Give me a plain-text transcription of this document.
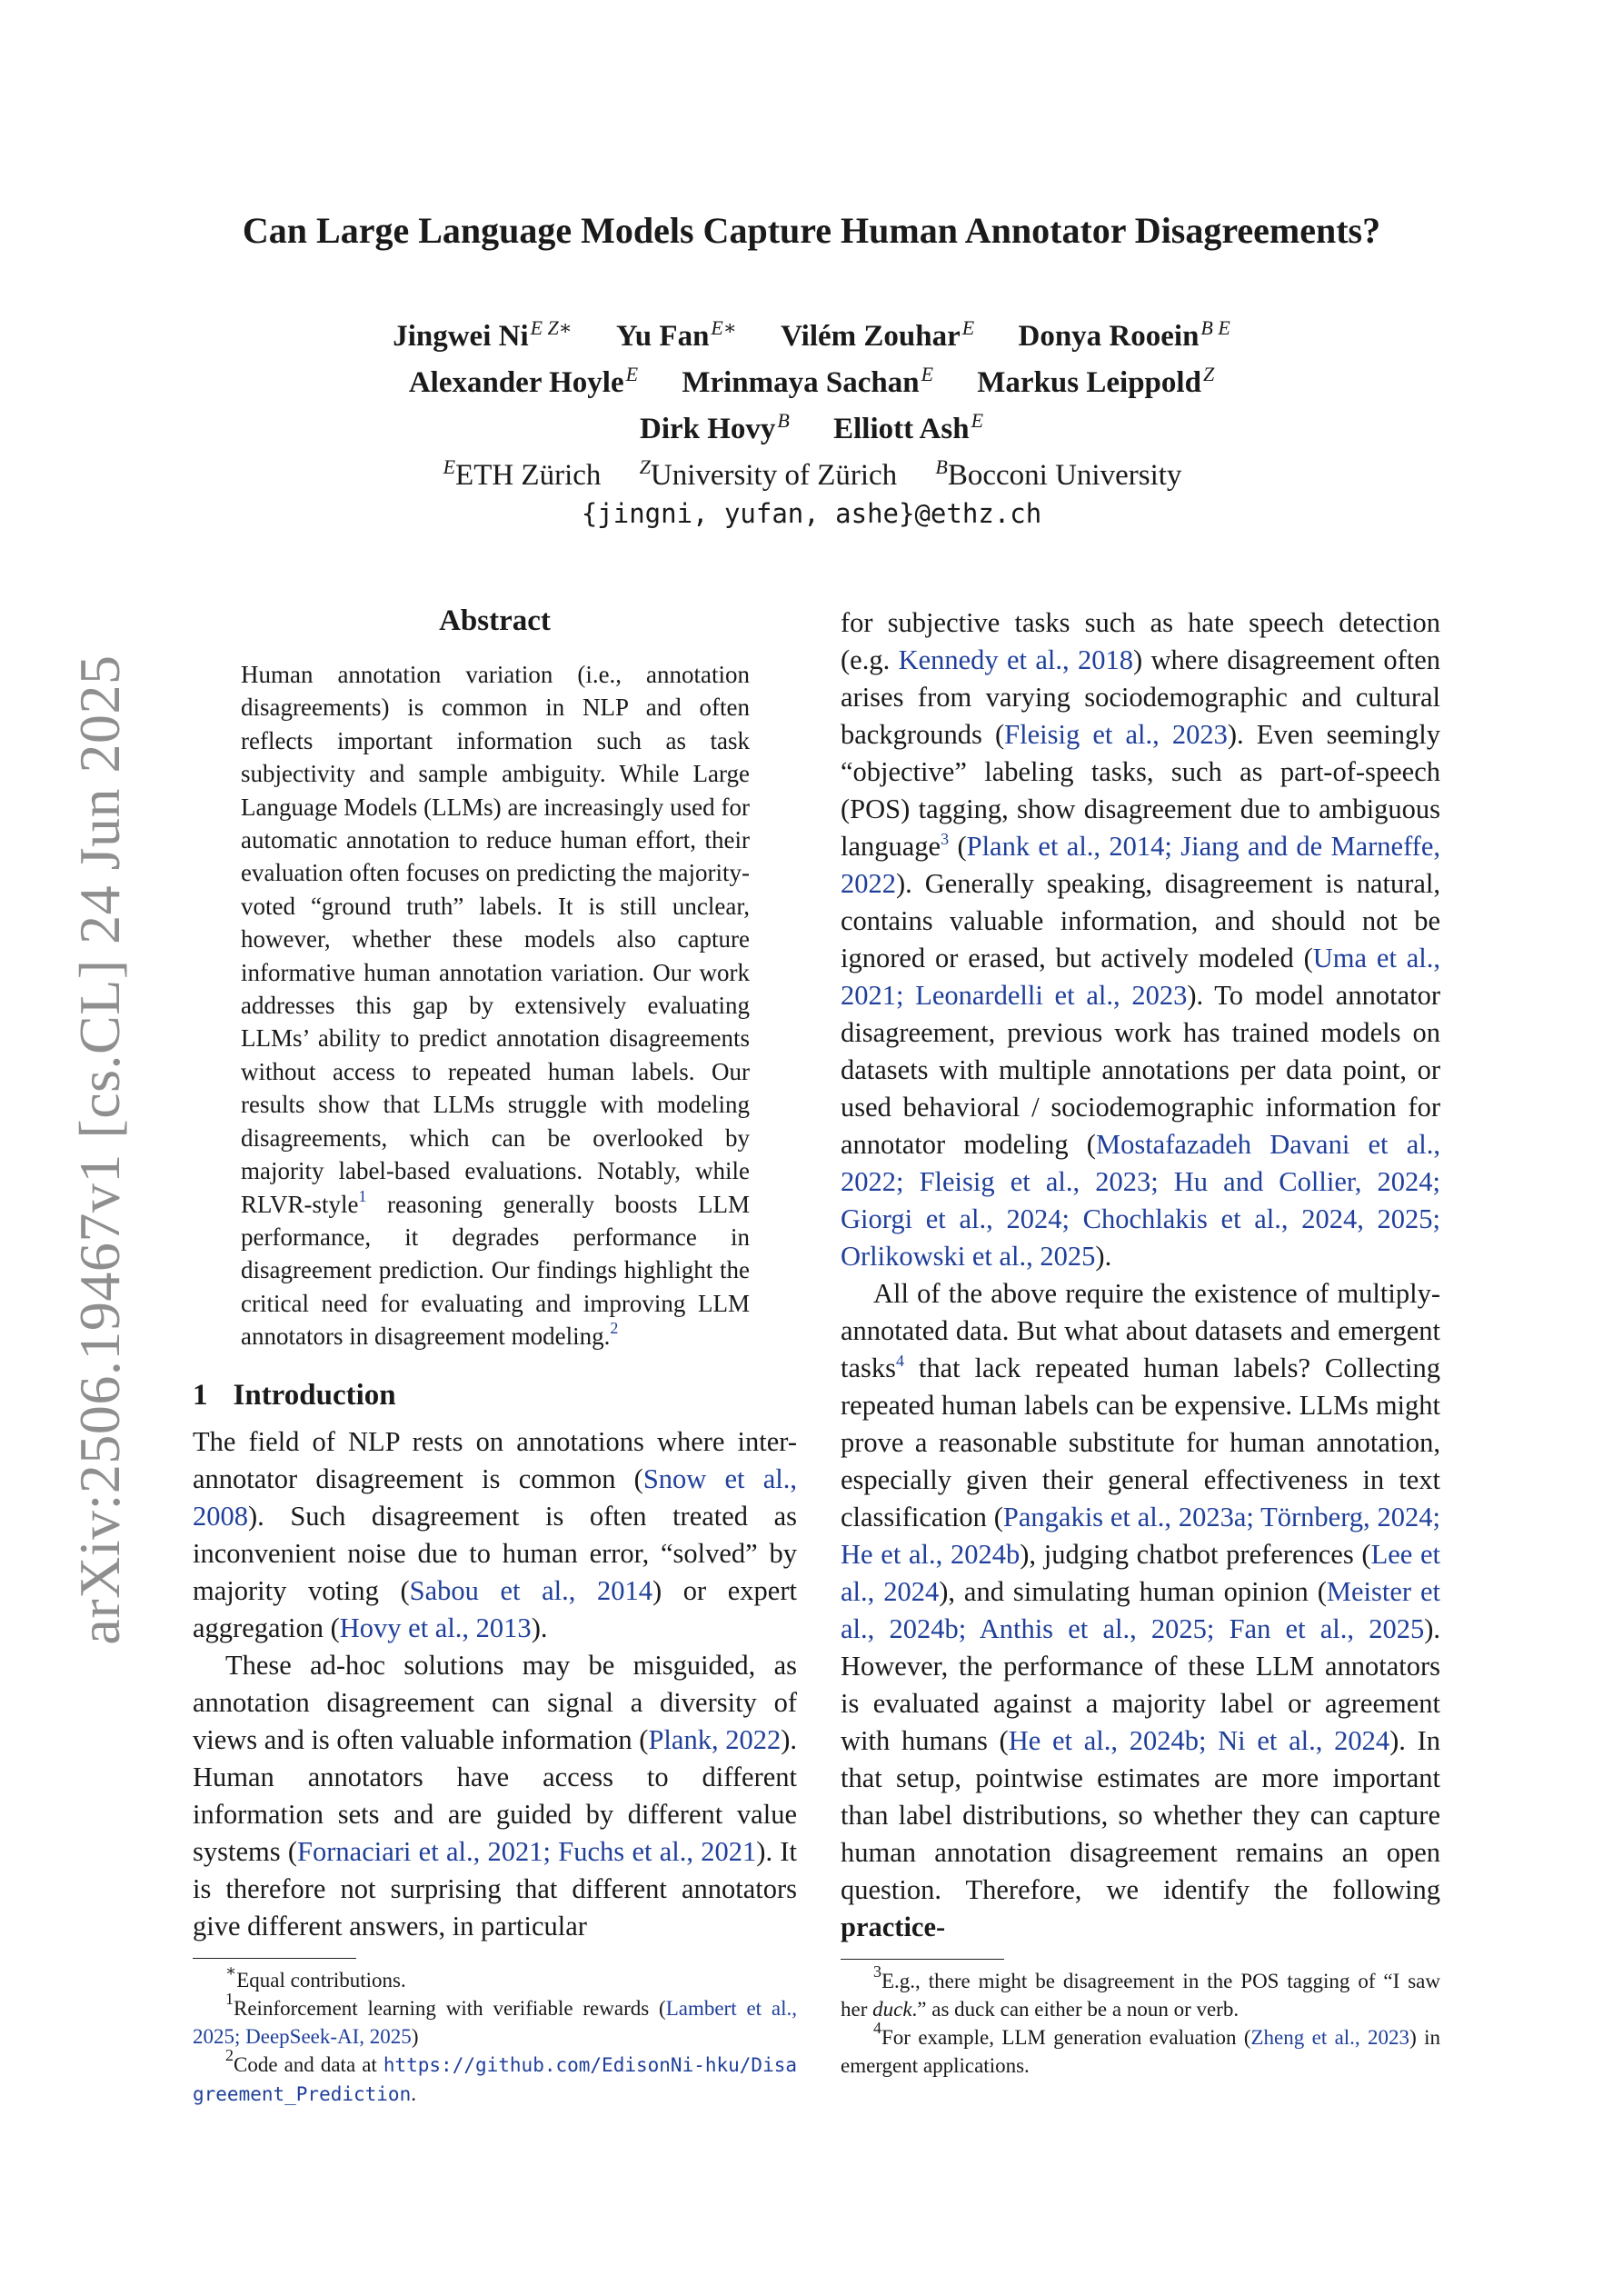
arXiv:2506.19467v1 [cs.CL] 24 Jun 2025
Can Large Language Models Capture Human Annotator Disagreements?
Jingwei Ni$^{E Z∗}$ Yu Fan$^{E∗}$ Vilém Zouhar$^E$ Donya Rooein$^{B E}$
Alexander Hoyle$^E$ Mrinmaya Sachan$^E$ Markus Leippold$^Z$
Dirk Hovy$^B$ Elliott Ash$^E$
$^E$ETH Zürich $^Z$University of Zürich $^B$Bocconi University
{jingni, yufan, ashe}@ethz.ch
Abstract

Human annotation variation (i.e., annotation disagreements) is common in NLP and often reflects important information such as task subjectivity and sample ambiguity. While Large Language Models (LLMs) are increasingly used for automatic annotation to reduce human effort, their evaluation often focuses on predicting the majority-voted “ground truth” labels. It is still unclear, however, whether these models also capture informative human annotation variation. Our work addresses this gap by extensively evaluating LLMs’ ability to predict annotation disagreements without access to repeated human labels. Our results show that LLMs struggle with modeling disagreements, which can be overlooked by majority label-based evaluations. Notably, while RLVR-style$^1$ reasoning generally boosts LLM performance, it degrades performance in disagreement prediction. Our findings highlight the critical need for evaluating and improving LLM annotators in disagreement modeling.$^2$

1 Introduction

The field of NLP rests on annotations where inter-annotator disagreement is common (Snow et al., 2008). Such disagreement is often treated as inconvenient noise due to human error, “solved” by majority voting (Sabou et al., 2014) or expert aggregation (Hovy et al., 2013).

These ad-hoc solutions may be misguided, as annotation disagreement can signal a diversity of views and is often valuable information (Plank, 2022). Human annotators have access to different information sets and are guided by different value systems (Fornaciari et al., 2021; Fuchs et al., 2021). It is therefore not surprising that different annotators give different answers, in particular

∗Equal contributions.

$^1$Reinforcement learning with verifiable rewards (Lambert et al., 2025; DeepSeek-AI, 2025)

$^2$Code and data at https://github.com/EdisonNi-hku/Disagreement_Prediction.

for subjective tasks such as hate speech detection (e.g. Kennedy et al., 2018) where disagreement often arises from varying sociodemographic and cultural backgrounds (Fleisig et al., 2023). Even seemingly “objective” labeling tasks, such as part-of-speech (POS) tagging, show disagreement due to ambiguous language$^3$ (Plank et al., 2014; Jiang and de Marneffe, 2022). Generally speaking, disagreement is natural, contains valuable information, and should not be ignored or erased, but actively modeled (Uma et al., 2021; Leonardelli et al., 2023). To model annotator disagreement, previous work has trained models on datasets with multiple annotations per data point, or used behavioral / sociodemographic information for annotator modeling (Mostafazadeh Davani et al., 2022; Fleisig et al., 2023; Hu and Collier, 2024; Giorgi et al., 2024; Chochlakis et al., 2024, 2025; Orlikowski et al., 2025).

All of the above require the existence of multiply-annotated data. But what about datasets and emergent tasks$^4$ that lack repeated human labels? Collecting repeated human labels can be expensive. LLMs might prove a reasonable substitute for human annotation, especially given their general effectiveness in text classification (Pangakis et al., 2023a; Törnberg, 2024; He et al., 2024b), judging chatbot preferences (Lee et al., 2024), and simulating human opinion (Meister et al., 2024b; Anthis et al., 2025; Fan et al., 2025). However, the performance of these LLM annotators is evaluated against a majority label or agreement with humans (He et al., 2024b; Ni et al., 2024). In that setup, pointwise estimates are more important than label distributions, so whether they can capture human annotation disagreement remains an open question. Therefore, we identify the following practice-

$^3$E.g., there might be disagreement in the POS tagging of “I saw her duck.” as duck can either be a noun or verb.

$^4$For example, LLM generation evaluation (Zheng et al., 2023) in emergent applications.
